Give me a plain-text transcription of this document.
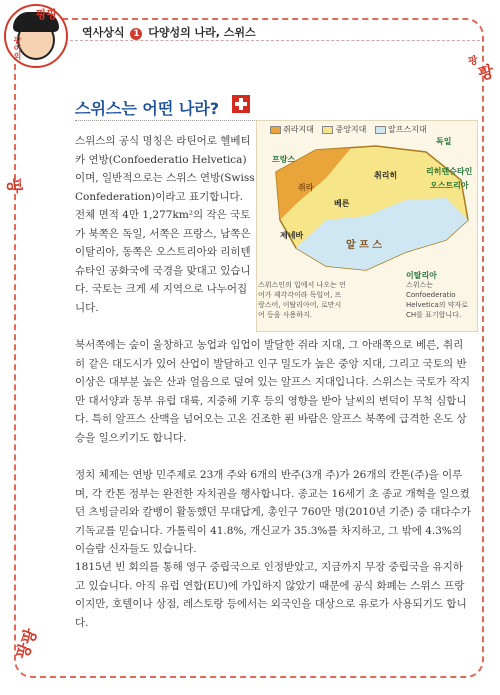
광이의
팡팡
역사상식 1 다양성의 나라, 스위스
팡
팡
팡
팡팡
스위스는 어떤 나라?
스위스의 공식 명칭은 라틴어로 헬베티카 연방(Confoederatio Helvetica)이며, 일반적으로는 스위스 연방(Swiss Confederation)이라고 표기합니다. 전체 면적 4만 1,277km²의 작은 국토가 북쪽은 독일, 서쪽은 프랑스, 남쪽은 이탈리아, 동쪽은 오스트리아와 리히텐슈타인 공화국에 국경을 맞대고 있습니다. 국토는 크게 세 지역으로 나누어집니다.
쥐라지대	중앙지대	알프스지대
프랑스
독일
리히텐슈타인
오스트리아
이탈리아
베른
취리히
제네바
알 프 스
쥐라
스위스인의 입에서 나오는 언어가 제각각이라 독일어, 프랑스어, 이탈리아어, 로만시어 등을 사용하지.
스위스는 Confoederatio Helvetica의 약자로 CH를 표기합니다.
북서쪽에는 숲이 울창하고 농업과 임업이 발달한 쥐라 지대, 그 아래쪽으로 베른, 취리히 같은 대도시가 있어 산업이 발달하고 인구 밀도가 높은 중앙 지대, 그리고 국토의 반 이상은 대부분 높은 산과 얼음으로 덮여 있는 알프스 지대입니다. 스위스는 국토가 작지만 대서양과 동부 유럽 대륙, 지중해 기후 등의 영향을 받아 날씨의 변덕이 무척 심합니다. 특히 알프스 산맥을 넘어오는 고온 건조한 푄 바람은 알프스 북쪽에 급격한 온도 상승을 일으키기도 합니다.
정치 체제는 연방 민주제로 23개 주와 6개의 반주(3개 주)가 26개의 칸톤(주)을 이루며, 각 칸톤 정부는 완전한 자치권을 행사합니다. 종교는 16세기 초 종교 개혁을 일으켰던 츠빙글리와 칼뱅이 활동했던 무대답게, 총인구 760만 명(2010년 기준) 중 대다수가 기독교를 믿습니다. 가톨릭이 41.8%, 개신교가 35.3%를 차지하고, 그 밖에 4.3%의 이슬람 신자들도 있습니다.
1815년 빈 회의를 통해 영구 중립국으로 인정받았고, 지금까지 무장 중립국을 유지하고 있습니다. 아직 유럽 연합(EU)에 가입하지 않았기 때문에 공식 화폐는 스위스 프랑이지만, 호텔이나 상점, 레스토랑 등에서는 외국인을 대상으로 유로가 사용되기도 합니다.
